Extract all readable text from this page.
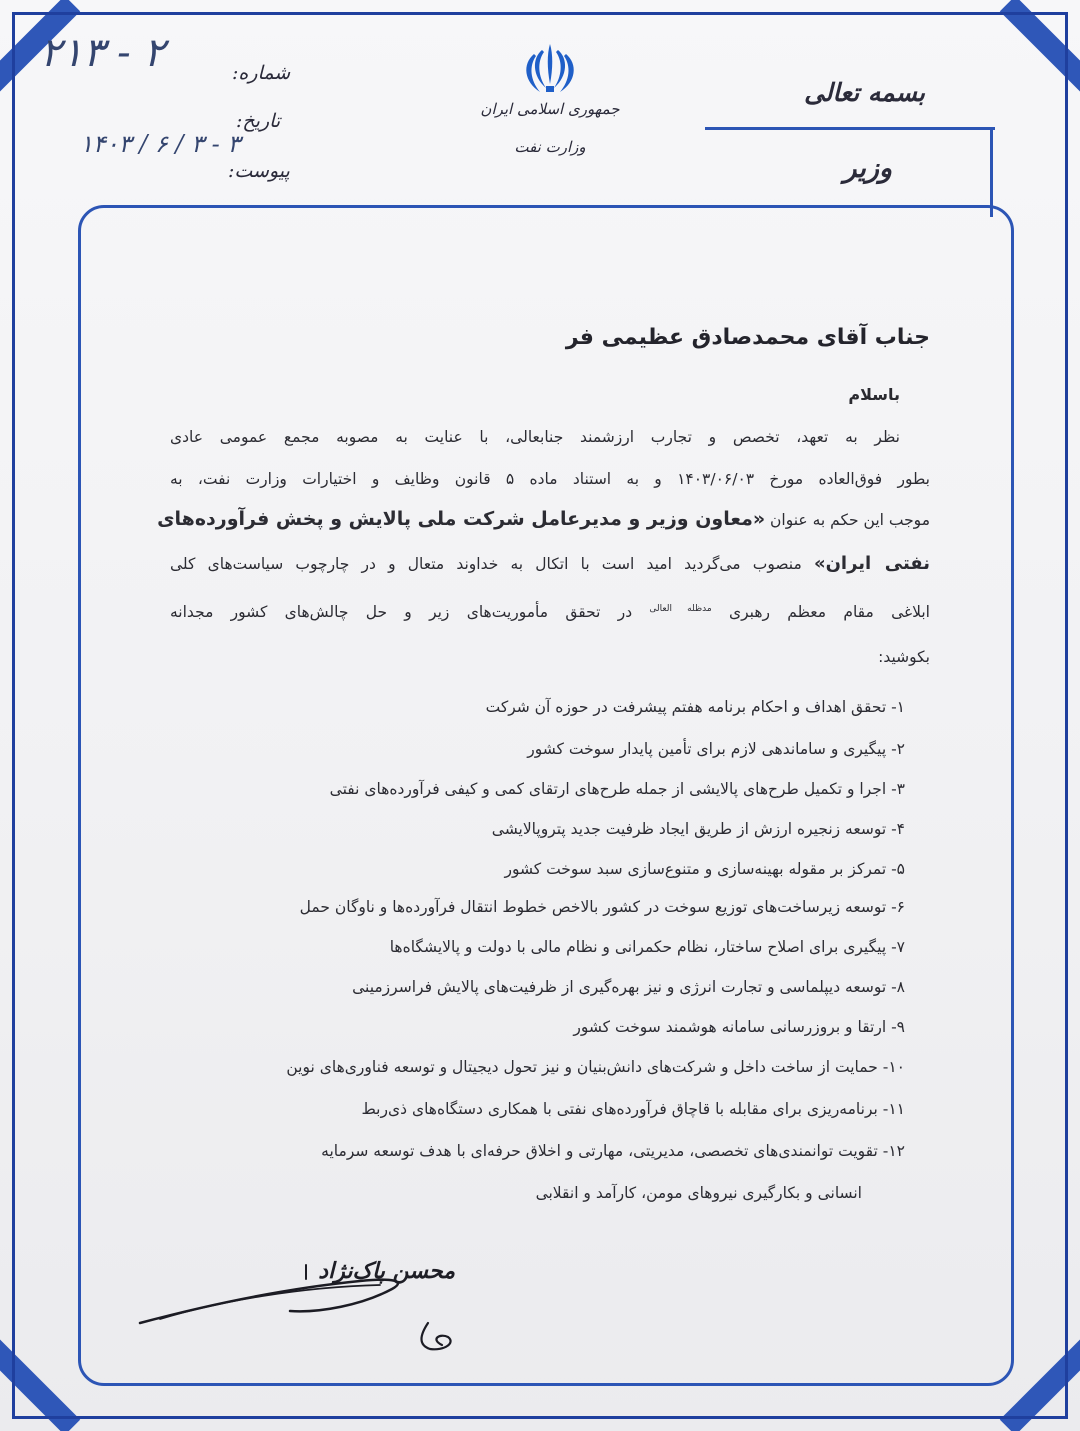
بسمه تعالی
وزیر
جمهوری اسلامی ایران
وزارت نفت
شماره:
۲۱۳ - ۲
تاریخ:
۱۴۰۳ / ۶ / ۳ - ۳
پیوست:
جناب آقای محمدصادق عظیمی فر
باسلام
نظر به تعهد، تخصص و تجارب ارزشمند جنابعالی، با عنایت به مصوبه مجمع عمومی عادی
بطور فوق‌العاده مورخ ۱۴۰۳/۰۶/۰۳ و به استناد ماده ۵ قانون وظایف و اختیارات وزارت نفت، به
موجب این حکم به عنوان «معاون وزیر و مدیرعامل شرکت ملی پالایش و پخش فرآورده‌های
نفتی ایران» منصوب می‌گردید امید است با اتکال به خداوند متعال و در چارچوب سیاست‌های کلی
ابلاغی مقام معظم رهبری $^{مدظله العالی}$ در تحقق مأموریت‌های زیر و حل چالش‌های کشور مجدانه
بکوشید:
۱- تحقق اهداف و احکام برنامه هفتم پیشرفت در حوزه آن شرکت
۲- پیگیری و ساماندهی لازم برای تأمین پایدار سوخت کشور
۳- اجرا و تکمیل طرح‌های پالایشی از جمله طرح‌های ارتقای کمی و کیفی فرآورده‌های نفتی
۴- توسعه زنجیره ارزش از طریق ایجاد ظرفیت جدید پتروپالایشی
۵- تمرکز بر مقوله بهینه‌سازی و متنوع‌سازی سبد سوخت کشور
۶- توسعه زیرساخت‌های توزیع سوخت در کشور بالاخص خطوط انتقال فرآورده‌ها و ناوگان حمل
۷- پیگیری برای اصلاح ساختار، نظام حکمرانی و نظام مالی با دولت و پالایشگاه‌ها
۸- توسعه دیپلماسی و تجارت انرژی و نیز بهره‌گیری از ظرفیت‌های پالایش فراسرزمینی
۹- ارتقا و بروزرسانی سامانه هوشمند سوخت کشور
۱۰- حمایت از ساخت داخل و شرکت‌های دانش‌بنیان و نیز تحول دیجیتال و توسعه فناوری‌های نوین
۱۱- برنامه‌ریزی برای مقابله با قاچاق فرآورده‌های نفتی با همکاری دستگاه‌های ذی‌ربط
۱۲- تقویت توانمندی‌های تخصصی، مدیریتی، مهارتی و اخلاق حرفه‌ای با هدف توسعه سرمایه
انسانی و بکارگیری نیروهای مومن، کارآمد و انقلابی
محسن پاک‌نژاد
